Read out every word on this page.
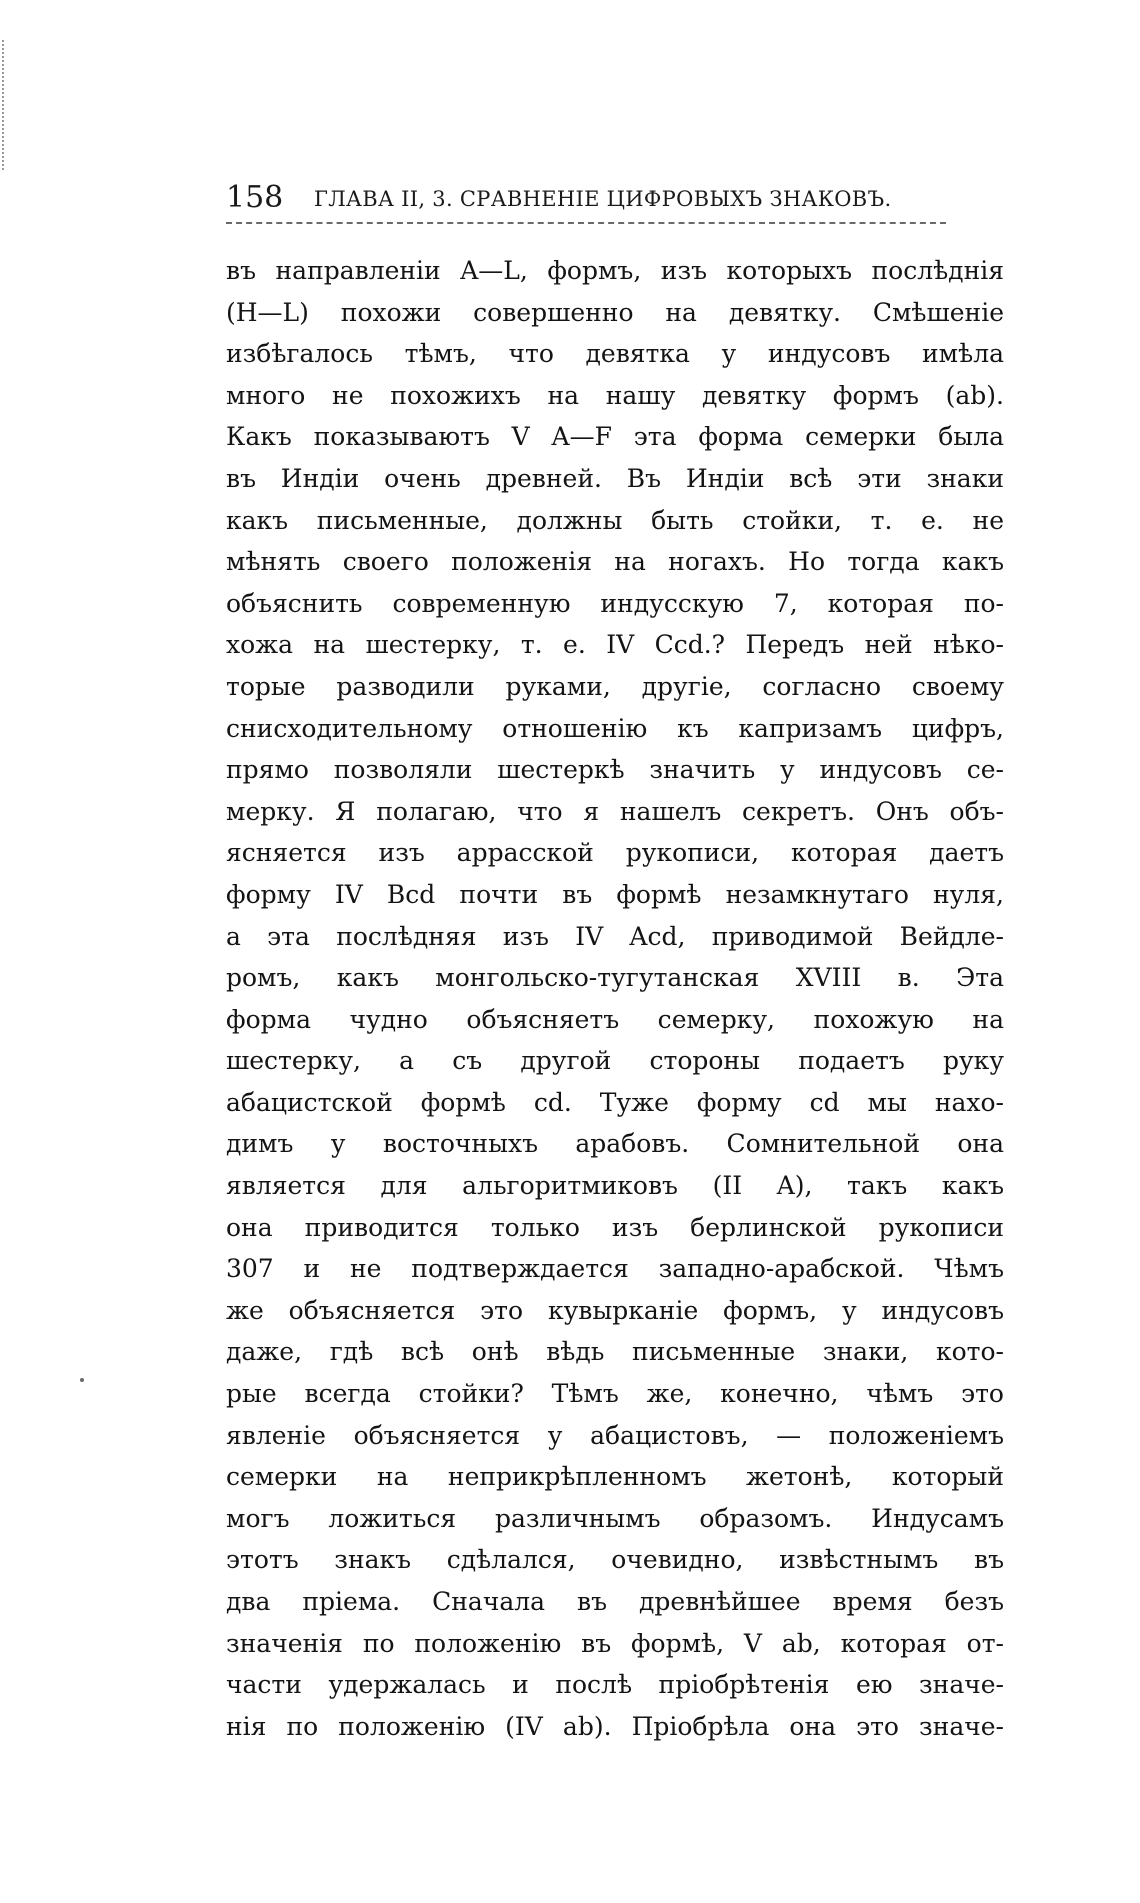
158 ГЛАВА II, 3. СРАВНЕНІЕ ЦИФРОВЫХЪ ЗНАКОВЪ.
въ направленіи A—L, формъ, изъ которыхъ послѣднія
(H—L) похожи совершенно на девятку. Смѣшеніе
избѣгалось тѣмъ, что девятка у индусовъ имѣла
много не похожихъ на нашу девятку формъ (ab).
Какъ показываютъ V A—F эта форма семерки была
въ Индіи очень древней. Въ Индіи всѣ эти знаки
какъ письменные, должны быть стойки, т. е. не
мѣнять своего положенія на ногахъ. Но тогда какъ
объяснить современную индусскую 7, которая по-
хожа на шестерку, т. е. IV Ccd.? Передъ ней нѣко-
торые разводили руками, другіе, согласно своему
снисходительному отношенію къ капризамъ цифръ,
прямо позволяли шестеркѣ значить у индусовъ се-
мерку. Я полагаю, что я нашелъ секретъ. Онъ объ-
ясняется изъ аррасской рукописи, которая даетъ
форму IV Bcd почти въ формѣ незамкнутаго нуля,
а эта послѣдняя изъ IV Acd, приводимой Вейдле-
ромъ, какъ монгольско-тугутанская XVIII в. Эта
форма чудно объясняетъ семерку, похожую на
шестерку, а съ другой стороны подаетъ руку
абацистской формѣ cd. Туже форму cd мы нахо-
димъ у восточныхъ арабовъ. Сомнительной она
является для альгоритмиковъ (II A), такъ какъ
она приводится только изъ берлинской рукописи
307 и не подтверждается западно-арабской. Чѣмъ
же объясняется это кувырканіе формъ, у индусовъ
даже, гдѣ всѣ онѣ вѣдь письменные знаки, кото-
рые всегда стойки? Тѣмъ же, конечно, чѣмъ это
явленіе объясняется у абацистовъ, — положеніемъ
семерки на неприкрѣпленномъ жетонѣ, который
могъ ложиться различнымъ образомъ. Индусамъ
этотъ знакъ сдѣлался, очевидно, извѣстнымъ въ
два пріема. Сначала въ древнѣйшее время безъ
значенія по положенію въ формѣ, V ab, которая от-
части удержалась и послѣ пріобрѣтенія ею значе-
нія по положенію (IV ab). Пріобрѣла она это значе-
